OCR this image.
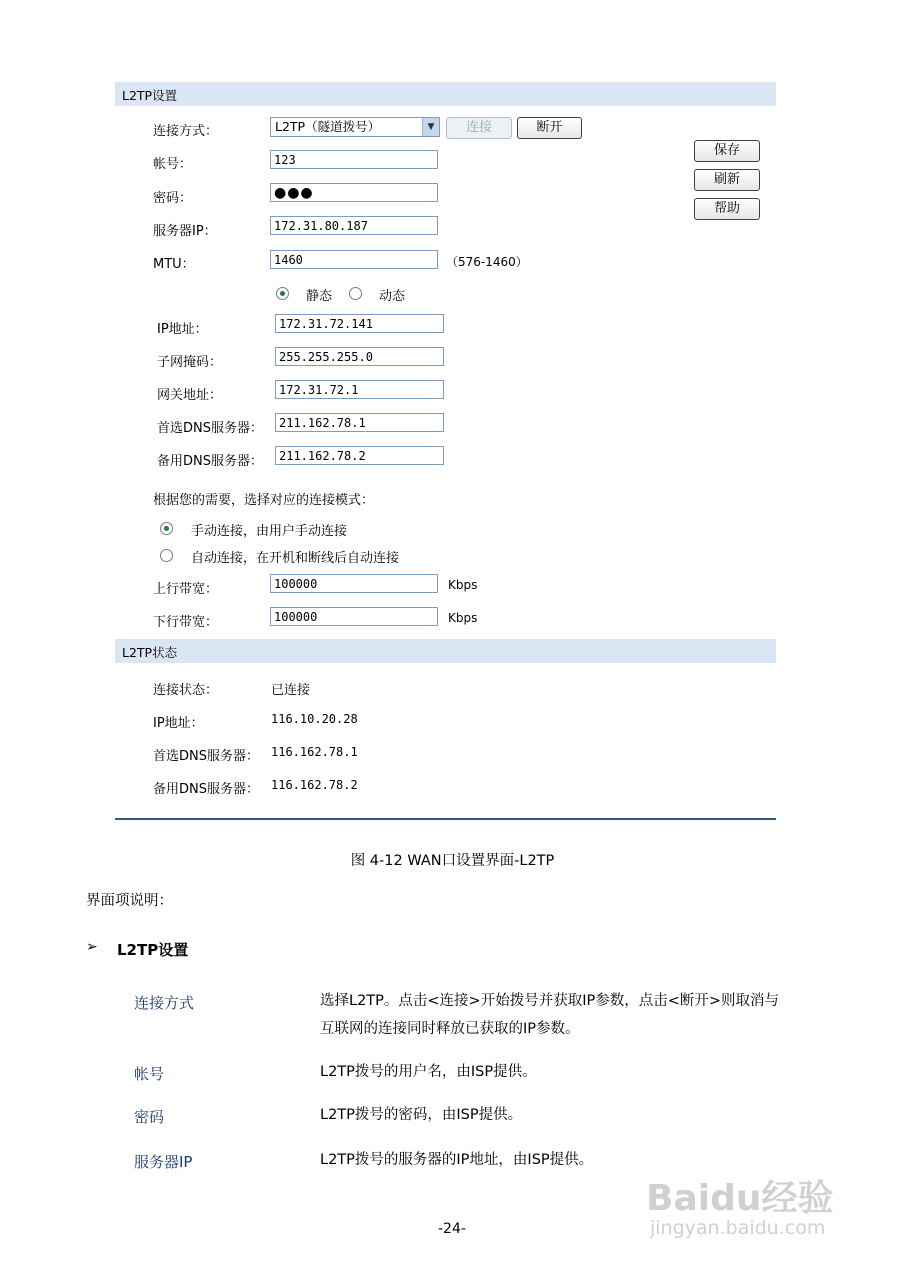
L2TP设置
连接方式：	L2TP（隧道拨号）	▼	连接	断开
保存
刷新
帮助
帐号：	123
密码：	●●●
服务器IP：	172.31.80.187
MTU：	1460	（576-1460）
静态	动态
IP地址：	172.31.72.141
子网掩码：	255.255.255.0
网关地址：	172.31.72.1
首选DNS服务器：	211.162.78.1
备用DNS服务器：	211.162.78.2
根据您的需要，选择对应的连接模式：
手动连接，由用户手动连接
自动连接，在开机和断线后自动连接
上行带宽：	100000	Kbps
下行带宽：	100000	Kbps
L2TP状态
连接状态：	已连接
IP地址：	116.10.20.28
首选DNS服务器： 116.162.78.1
备用DNS服务器： 116.162.78.2
图 4-12 WAN口设置界面-L2TP
界面项说明：
➢ L2TP设置
连接方式	选择L2TP。点击<连接>开始拨号并获取IP参数，点击<断开>则取消与
互联网的连接同时释放已获取的IP参数。
帐号	L2TP拨号的用户名，由ISP提供。
密码	L2TP拨号的密码，由ISP提供。
服务器IP	L2TP拨号的服务器的IP地址，由ISP提供。
Baidu经验
jingyan.baidu.com
-24-
